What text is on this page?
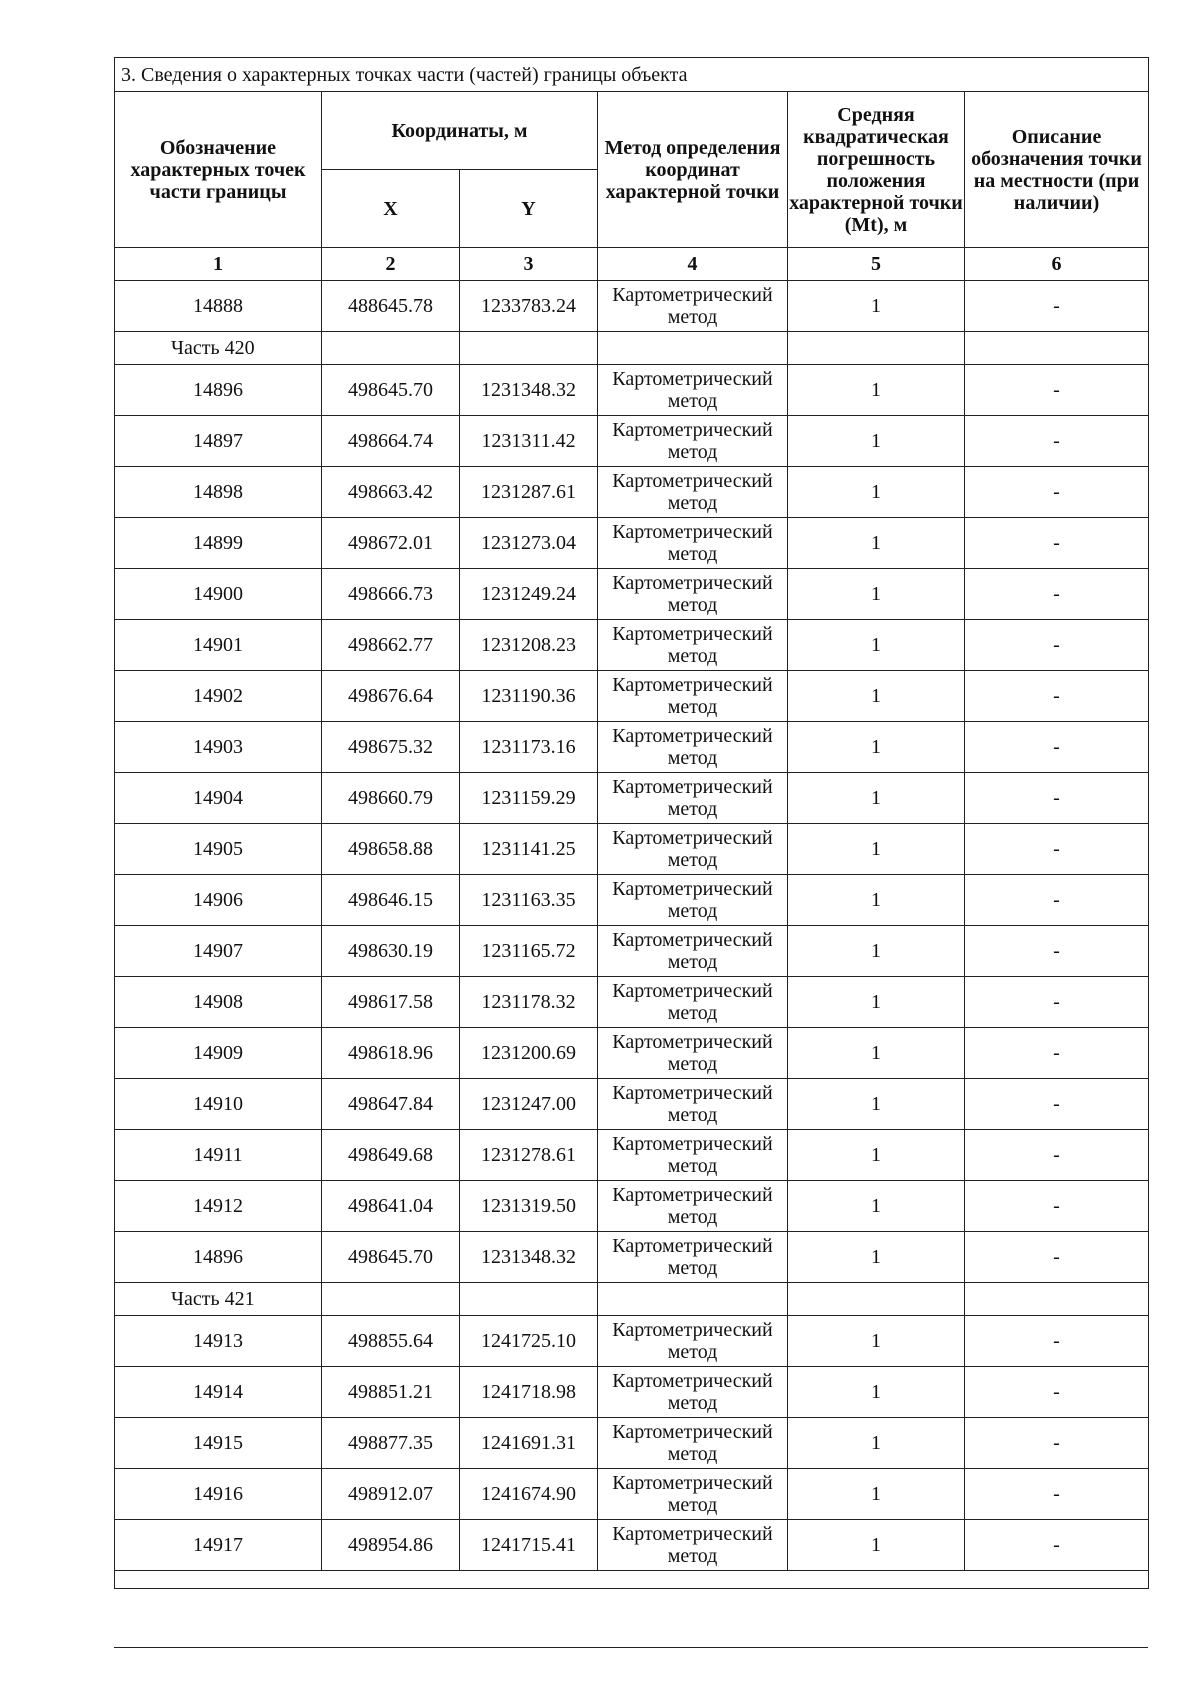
3. Сведения о характерных точках части (частей) границы объекта					
Обозначение характерных точек части границы	Координаты, м		Метод определения координат характерной точки	Средняя квадратическая погрешность положения характерной точки (Mt), м	Описание обозначения точки на местности (при наличии)
	X	Y			
1	2	3	4	5	6
14888	488645.78	1233783.24	Картометрический метод	1	-
Часть 420					
14896	498645.70	1231348.32	Картометрический метод	1	-
14897	498664.74	1231311.42	Картометрический метод	1	-
14898	498663.42	1231287.61	Картометрический метод	1	-
14899	498672.01	1231273.04	Картометрический метод	1	-
14900	498666.73	1231249.24	Картометрический метод	1	-
14901	498662.77	1231208.23	Картометрический метод	1	-
14902	498676.64	1231190.36	Картометрический метод	1	-
14903	498675.32	1231173.16	Картометрический метод	1	-
14904	498660.79	1231159.29	Картометрический метод	1	-
14905	498658.88	1231141.25	Картометрический метод	1	-
14906	498646.15	1231163.35	Картометрический метод	1	-
14907	498630.19	1231165.72	Картометрический метод	1	-
14908	498617.58	1231178.32	Картометрический метод	1	-
14909	498618.96	1231200.69	Картометрический метод	1	-
14910	498647.84	1231247.00	Картометрический метод	1	-
14911	498649.68	1231278.61	Картометрический метод	1	-
14912	498641.04	1231319.50	Картометрический метод	1	-
14896	498645.70	1231348.32	Картометрический метод	1	-
Часть 421					
14913	498855.64	1241725.10	Картометрический метод	1	-
14914	498851.21	1241718.98	Картометрический метод	1	-
14915	498877.35	1241691.31	Картометрический метод	1	-
14916	498912.07	1241674.90	Картометрический метод	1	-
14917	498954.86	1241715.41	Картометрический метод	1	-
